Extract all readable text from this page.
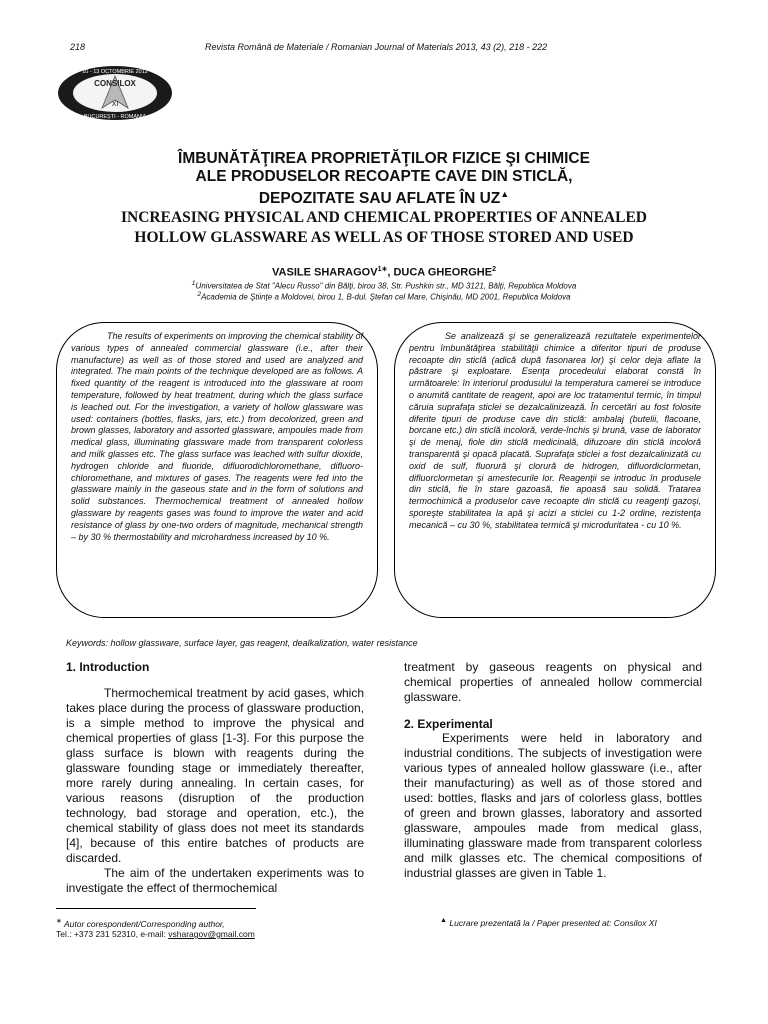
218	Revista Română de Materiale / Romanian Journal of Materials 2013, 43 (2), 218 - 222
10 - 13 OCTOMBRIE 2012
CONSILOX
XI
BUCUREŞTI - ROMANIA
ÎMBUNĂTĂŢIREA PROPRIETĂŢILOR FIZICE ŞI CHIMICE
ALE PRODUSELOR RECOAPTE CAVE DIN STICLĂ,
DEPOZITATE SAU AFLATE ÎN UZ▲
INCREASING PHYSICAL AND CHEMICAL PROPERTIES OF ANNEALED
HOLLOW GLASSWARE AS WELL AS OF THOSE STORED AND USED
VASILE $SHARAGOV^{1∗}$, DUCA GHEORGHE$^2$
$^1$Universitatea de Stat "Alecu Russo" din Bălţi, birou 38, Str. Pushkin str., MD 3121, Bălţi, Republica Moldova
$^2$Academia de Ştiinţe a Moldovei, birou 1, B-dul. Ştefan cel Mare, Chişinău, MD 2001, Republica Moldova

The results of experiments on improving the chemical stability of various types of annealed commercial glassware (i.e., after their manufacture) as well as of those stored and used are analyzed and integrated. The main points of the technique developed are as follows. A fixed quantity of the reagent is introduced into the glassware at room temperature, followed by heat treatment, during which the glass surface is leached out. For the investigation, a variety of hollow glassware was used: containers (bottles, flasks, jars, etc.) from decolorized, green and brown glasses, laboratory and assorted glassware, ampoules made from medical glass, illuminating glassware made from transparent colorless and milk glasses etc. The glass surface was leached with sulfur dioxide, hydrogen chloride and fluoride, difluorodichloromethane, difluoro-chloromethane, and mixtures of gases. The reagents were fed into the glassware mainly in the gaseous state and in the form of solutions and solid substances. Thermochemical treatment of annealed hollow glassware by reagents gases was found to improve the water and acid resistance of glass by one-two orders of magnitude, mechanical strength – by 30 % thermostability and microhardness increased by 10 %.

Se analizează şi se generalizează rezultatele experimentelor pentru îmbunătăţirea stabilităţii chimice a diferitor tipuri de produse recoapte din sticlă (adică după fasonarea lor) şi celor deja aflate la păstrare şi exploatare. Esenţa procedeului elaborat constă în următoarele: în interiorul produsului la temperatura camerei se introduce o anumită cantitate de reagent, apoi are loc tratamentul termic, în timpul căruia suprafaţa sticlei se dezalcalinizează. În cercetări au fost folosite diferite tipuri de produse cave din sticlă: ambalaj (butelii, flacoane, borcane etc.) din sticlă incoloră, verde-închis şi brună, vase de laborator şi de menaj, fiole din sticlă medicinală, difuzoare din sticlă incoloră transparentă şi opacă placată. Suprafaţa sticlei a fost dezalcalinizată cu oxid de sulf, fluorură şi clorură de hidrogen, difluordiclormetan, difluorclormetan şi amestecurile lor. Reagenţii se introduc în produsele din sticlă, fie în stare gazoasă, fie apoasă sau solidă. Tratarea termochimică a produselor cave recoapte din sticlă cu reagenţi gazoşi, sporeşte stabilitatea la apă şi acizi a sticlei cu 1-2 ordine, rezistenţa mecanică – cu 30 %, stabilitatea termică şi microduritatea - cu 10 %.

Keywords: hollow glassware, surface layer, gas reagent, dealkalization, water resistance
1. Introduction

Thermochemical treatment by acid gases, which takes place during the process of glassware production, is a simple method to improve the physical and chemical properties of glass [1-3]. For this purpose the glass surface is blown with reagents during the glassware founding stage or immediately thereafter, more rarely during annealing. In certain cases, for various reasons (disruption of the production technology, bad storage and operation, etc.), the chemical stability of glass does not meet its standards [4], because of this entire batches of products are discarded.

The aim of the undertaken experiments was to investigate the effect of thermochemical

treatment by gaseous reagents on physical and chemical properties of annealed hollow commercial glassware.

2. Experimental

Experiments were held in laboratory and industrial conditions. The subjects of investigation were various types of annealed hollow glassware (i.e., after their manufacturing) as well as of those stored and used: bottles, flasks and jars of colorless glass, bottles of green and brown glasses, laboratory and assorted glassware, ampoules made from medical glass, illuminating glassware made from transparent colorless and milk glasses etc. The chemical compositions of industrial glasses are given in Table 1.

∗ Autor corespondent/Corresponding author,
Tel.: +373 231 52310, e-mail: vsharagov@gmail.com
▲ Lucrare prezentată la / Paper presented at: Consilox XI
